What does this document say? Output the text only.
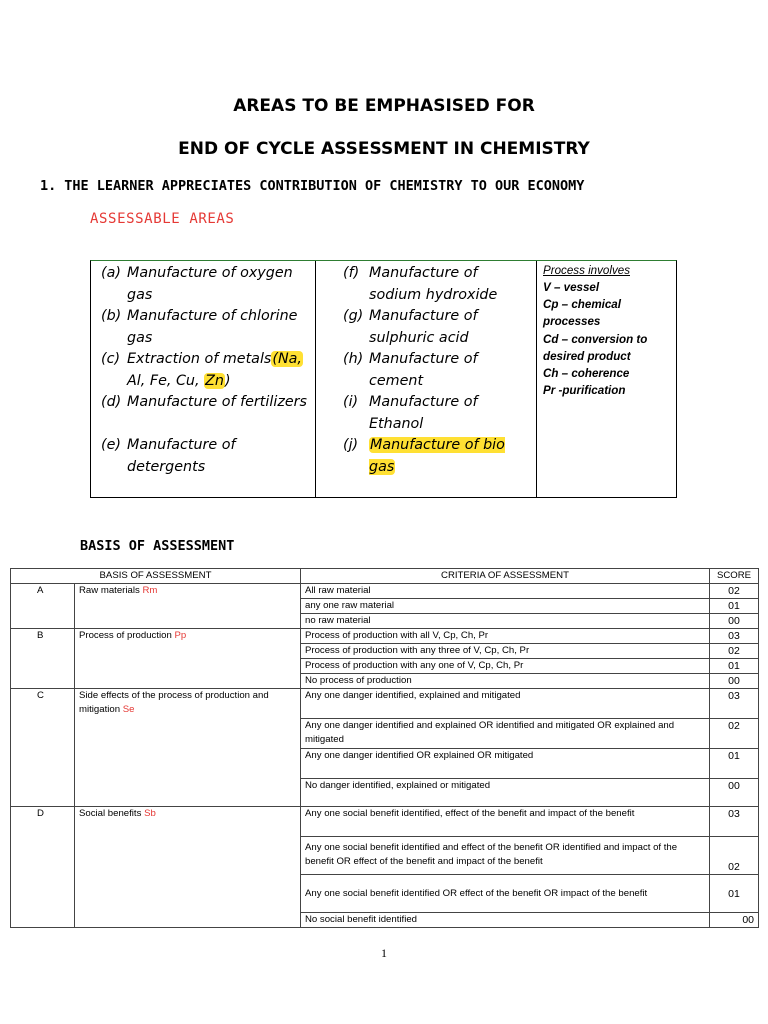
AREAS TO BE EMPHASISED FOR
END OF CYCLE ASSESSMENT IN CHEMISTRY
1. THE LEARNER APPRECIATES CONTRIBUTION OF CHEMISTRY TO OUR ECONOMY
ASSESSABLE AREAS
(a) Manufacture of oxygen gas
(b) Manufacture of chlorine gas
(c) Extraction of metals(Na, Al, Fe, Cu, Zn)
(d) Manufacture of fertilizers
(e) Manufacture of detergents
(f) Manufacture of sodium hydroxide
(g) Manufacture of sulphuric acid
(h) Manufacture of cement
(i) Manufacture of Ethanol
(j) Manufacture of bio gas
Process involves
V – vessel
Cp – chemical processes
Cd – conversion to desired product
Ch – coherence
Pr -purification
BASIS OF ASSESSMENT
BASIS OF ASSESSMENT		CRITERIA OF ASSESSMENT	SCORE
A	Raw materials Rm	All raw material	02
		any one raw material	01
		no raw material	00
B	Process of production Pp	Process of production with all V, Cp, Ch, Pr	03
		Process of production with any three of V, Cp, Ch, Pr	02
		Process of production with any one of V, Cp, Ch, Pr	01
		No process of production	00
C	Side effects of the process of production and mitigation Se	Any one danger identified, explained and mitigated	03
		Any one danger identified and explained OR identified and mitigated OR explained and mitigated	02
		Any one danger identified OR explained OR mitigated	01
		No danger identified, explained or mitigated	00
D	Social benefits Sb	Any one social benefit identified, effect of the benefit and impact of the benefit	03
		Any one social benefit identified and effect of the benefit OR identified and impact of the benefit OR effect of the benefit and impact of the benefit	02
		Any one social benefit identified OR effect of the benefit OR impact of the benefit	01
		No social benefit identified	00
1
